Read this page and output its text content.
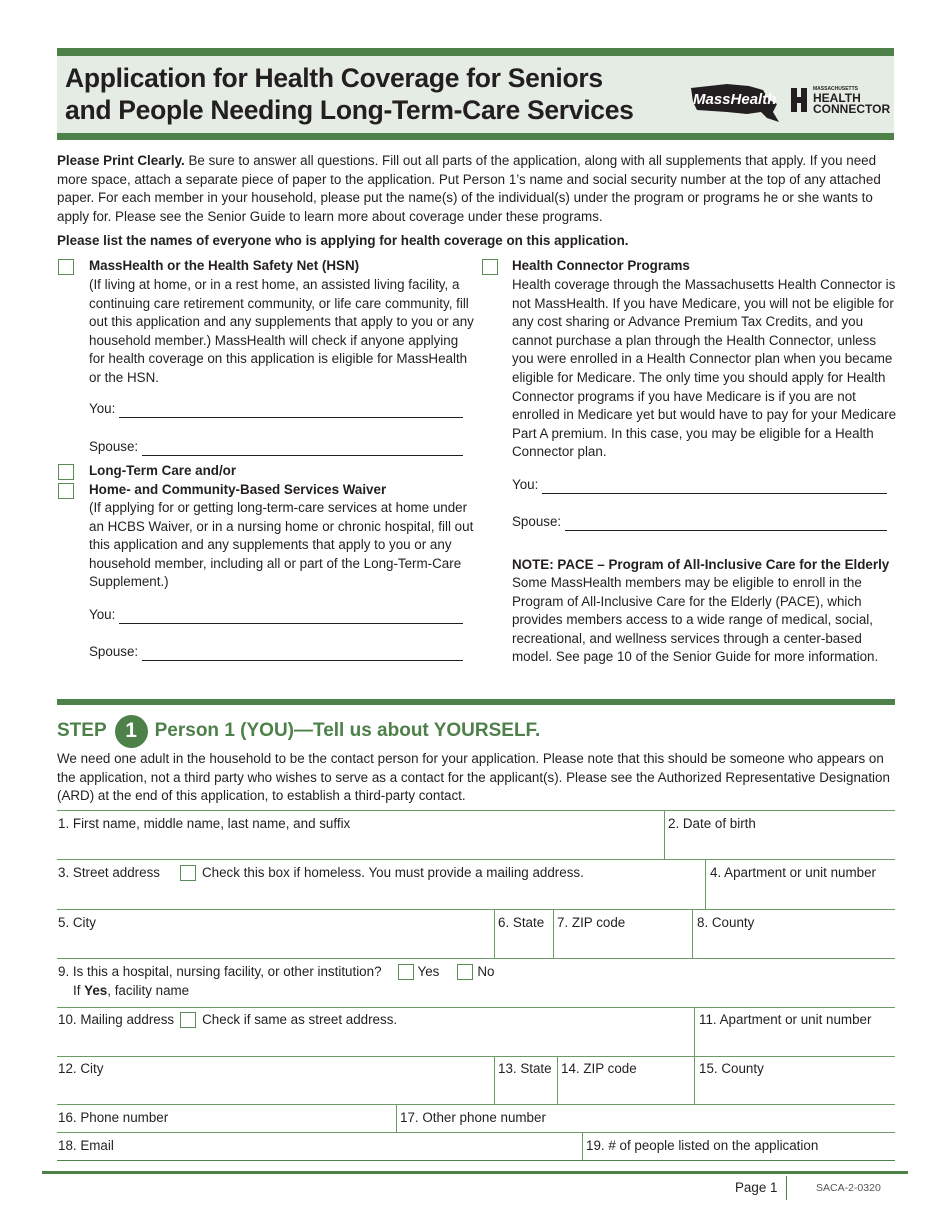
Application for Health Coverage for Seniors
and People Needing Long-Term-Care Services	MassHealth
MASSACHUSETTS
HEALTH
CONNECTOR
Please Print Clearly. Be sure to answer all questions. Fill out all parts of the application, along with all supplements that apply. If you need more space, attach a separate piece of paper to the application. Put Person 1’s name and social security number at the top of any attached paper. For each member in your household, please put the name(s) of the individual(s) under the program or programs he or she wants to apply for. Please see the Senior Guide to learn more about coverage under these programs.
Please list the names of everyone who is applying for health coverage on this application.
MassHealth or the Health Safety Net (HSN)
(If living at home, or in a rest home, an assisted living facility, a continuing care retirement community, or life care community, fill out this application and any supplements that apply to you or any household member.) MassHealth will check if anyone applying for health coverage on this application is eligible for MassHealth or the HSN.
You:
Spouse:
Long-Term Care and/or
Home- and Community-Based Services Waiver
(If applying for or getting long-term-care services at home under an HCBS Waiver, or in a nursing home or chronic hospital, fill out this application and any supplements that apply to you or any household member, including all or part of the Long-Term-Care Supplement.)
You:
Spouse:
Health Connector Programs
Health coverage through the Massachusetts Health Connector is not MassHealth. If you have Medicare, you will not be eligible for any cost sharing or Advance Premium Tax Credits, and you cannot purchase a plan through the Health Connector, unless you were enrolled in a Health Connector plan when you became eligible for Medicare. The only time you should apply for Health Connector programs if you have Medicare is if you are not enrolled in Medicare yet but would have to pay for your Medicare Part A premium. In this case, you may be eligible for a Health Connector plan.
You:
Spouse:
NOTE: PACE – Program of All-Inclusive Care for the Elderly
Some MassHealth members may be eligible to enroll in the Program of All-Inclusive Care for the Elderly (PACE), which provides members access to a wide range of medical, social, recreational, and wellness services through a center-based model. See page 10 of the Senior Guide for more information.
STEP 1 Person 1 (YOU) —Tell us about YOURSELF.
We need one adult in the household to be the contact person for your application. Please note that this should be someone who appears on the application, not a third party who wishes to serve as a contact for the applicant(s). Please see the Authorized Representative Designation (ARD) at the end of this application, to establish a third-party contact.
1. First name, middle name, last name, and suffix	2. Date of birth
3. Street address	Check this box if homeless. You must provide a mailing address.	4. Apartment or unit number
5. City	6. State 7. ZIP code	8. County
9. Is this a hospital, nursing facility, or other institution?	Yes	No
If Yes, facility name
10. Mailing address Check if same as street address.	11. Apartment or unit number
12. City	13. State 14. ZIP code	15. County
16. Phone number	17. Other phone number
18. Email	19. # of people listed on the application
Page 1	SACA-2-0320
